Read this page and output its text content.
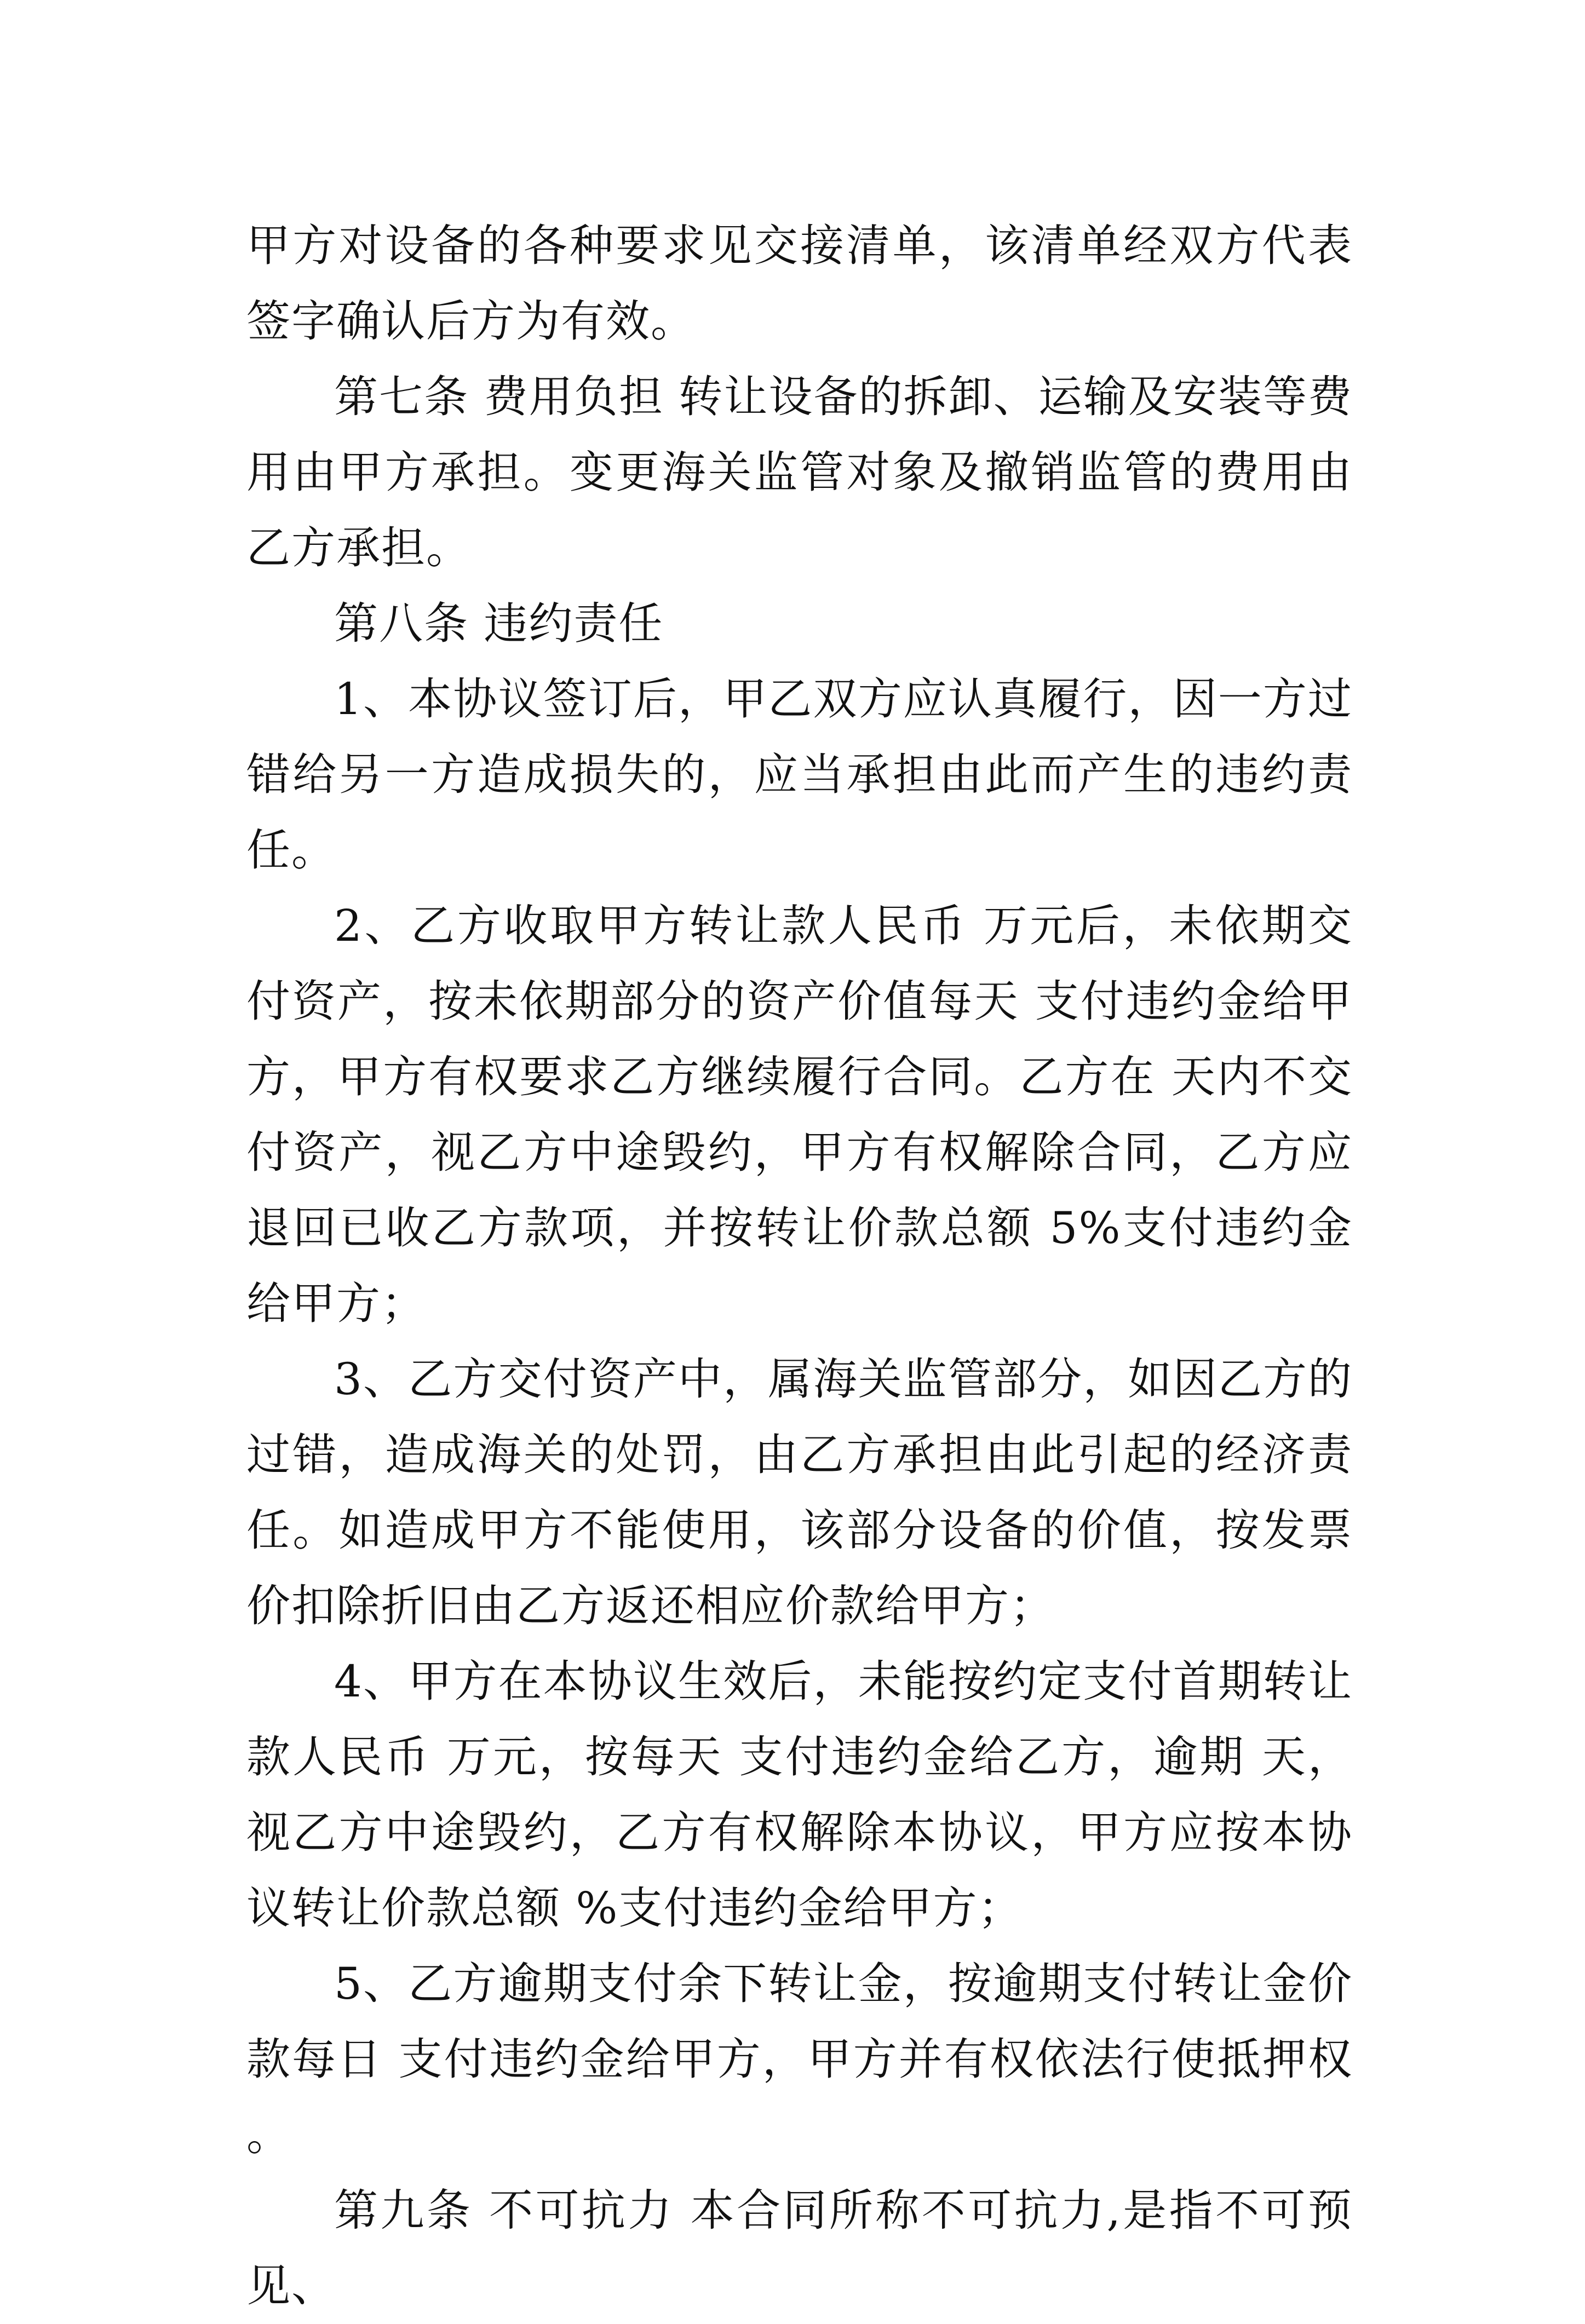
甲方对设备的各种要求见交接清单，该清单经双方代表签字确认后方为有效。

第七条 费用负担 转让设备的拆卸、运输及安装等费用由甲方承担。变更海关监管对象及撤销监管的费用由乙方承担。

第八条 违约责任

1、本协议签订后，甲乙双方应认真履行，因一方过错给另一方造成损失的，应当承担由此而产生的违约责任。

2、乙方收取甲方转让款人民币 万元后，未依期交付资产，按未依期部分的资产价值每天 支付违约金给甲方，甲方有权要求乙方继续履行合同。乙方在 天内不交付资产，视乙方中途毁约，甲方有权解除合同，乙方应退回已收乙方款项，并按转让价款总额 5%支付违约金给甲方；

3、乙方交付资产中，属海关监管部分，如因乙方的过错，造成海关的处罚，由乙方承担由此引起的经济责任。如造成甲方不能使用，该部分设备的价值，按发票价扣除折旧由乙方返还相应价款给甲方；

4、甲方在本协议生效后，未能按约定支付首期转让款人民币 万元，按每天 支付违约金给乙方，逾期 天，视乙方中途毁约，乙方有权解除本协议，甲方应按本协议转让价款总额 %支付违约金给甲方；

5、乙方逾期支付余下转让金，按逾期支付转让金价款每日 支付违约金给甲方，甲方并有权依法行使抵押权。

第九条 不可抗力 本合同所称不可抗力,是指不可预见、
